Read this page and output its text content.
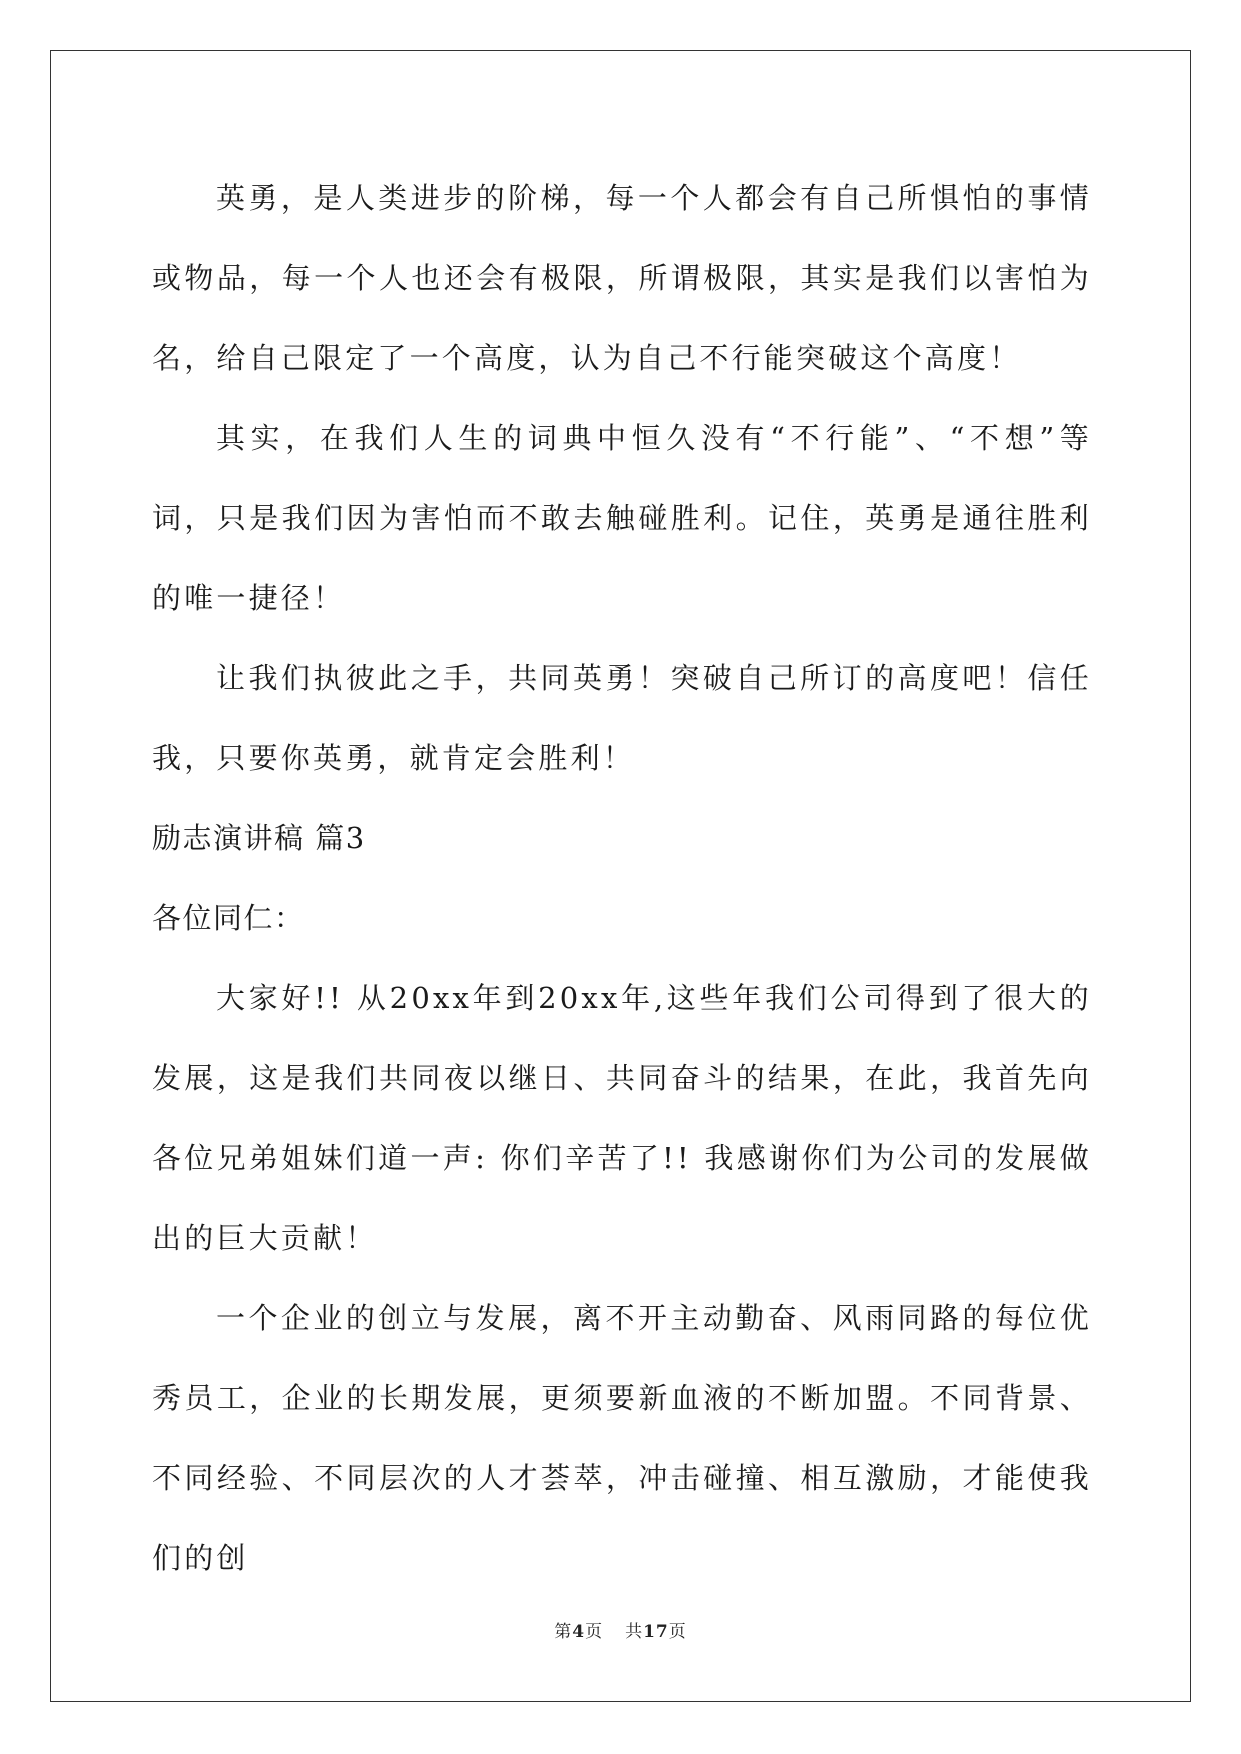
英勇，是人类进步的阶梯，每一个人都会有自己所惧怕的事情或物品，每一个人也还会有极限，所谓极限，其实是我们以害怕为名，给自己限定了一个高度，认为自己不行能突破这个高度！

其实，在我们人生的词典中恒久没有“不行能”、“不想”等词，只是我们因为害怕而不敢去触碰胜利。记住，英勇是通往胜利的唯一捷径！

让我们执彼此之手，共同英勇！突破自己所订的高度吧！信任我，只要你英勇，就肯定会胜利！

励志演讲稿 篇3

各位同仁：

大家好!! 从20xx年到20xx年,这些年我们公司得到了很大的发展，这是我们共同夜以继日、共同奋斗的结果，在此，我首先向各位兄弟姐妹们道一声: 你们辛苦了!! 我感谢你们为公司的发展做出的巨大贡献！

一个企业的创立与发展，离不开主动勤奋、风雨同路的每位优秀员工，企业的长期发展，更须要新血液的不断加盟。不同背景、不同经验、不同层次的人才荟萃，冲击碰撞、相互激励，才能使我们的创

第4页 共17页
